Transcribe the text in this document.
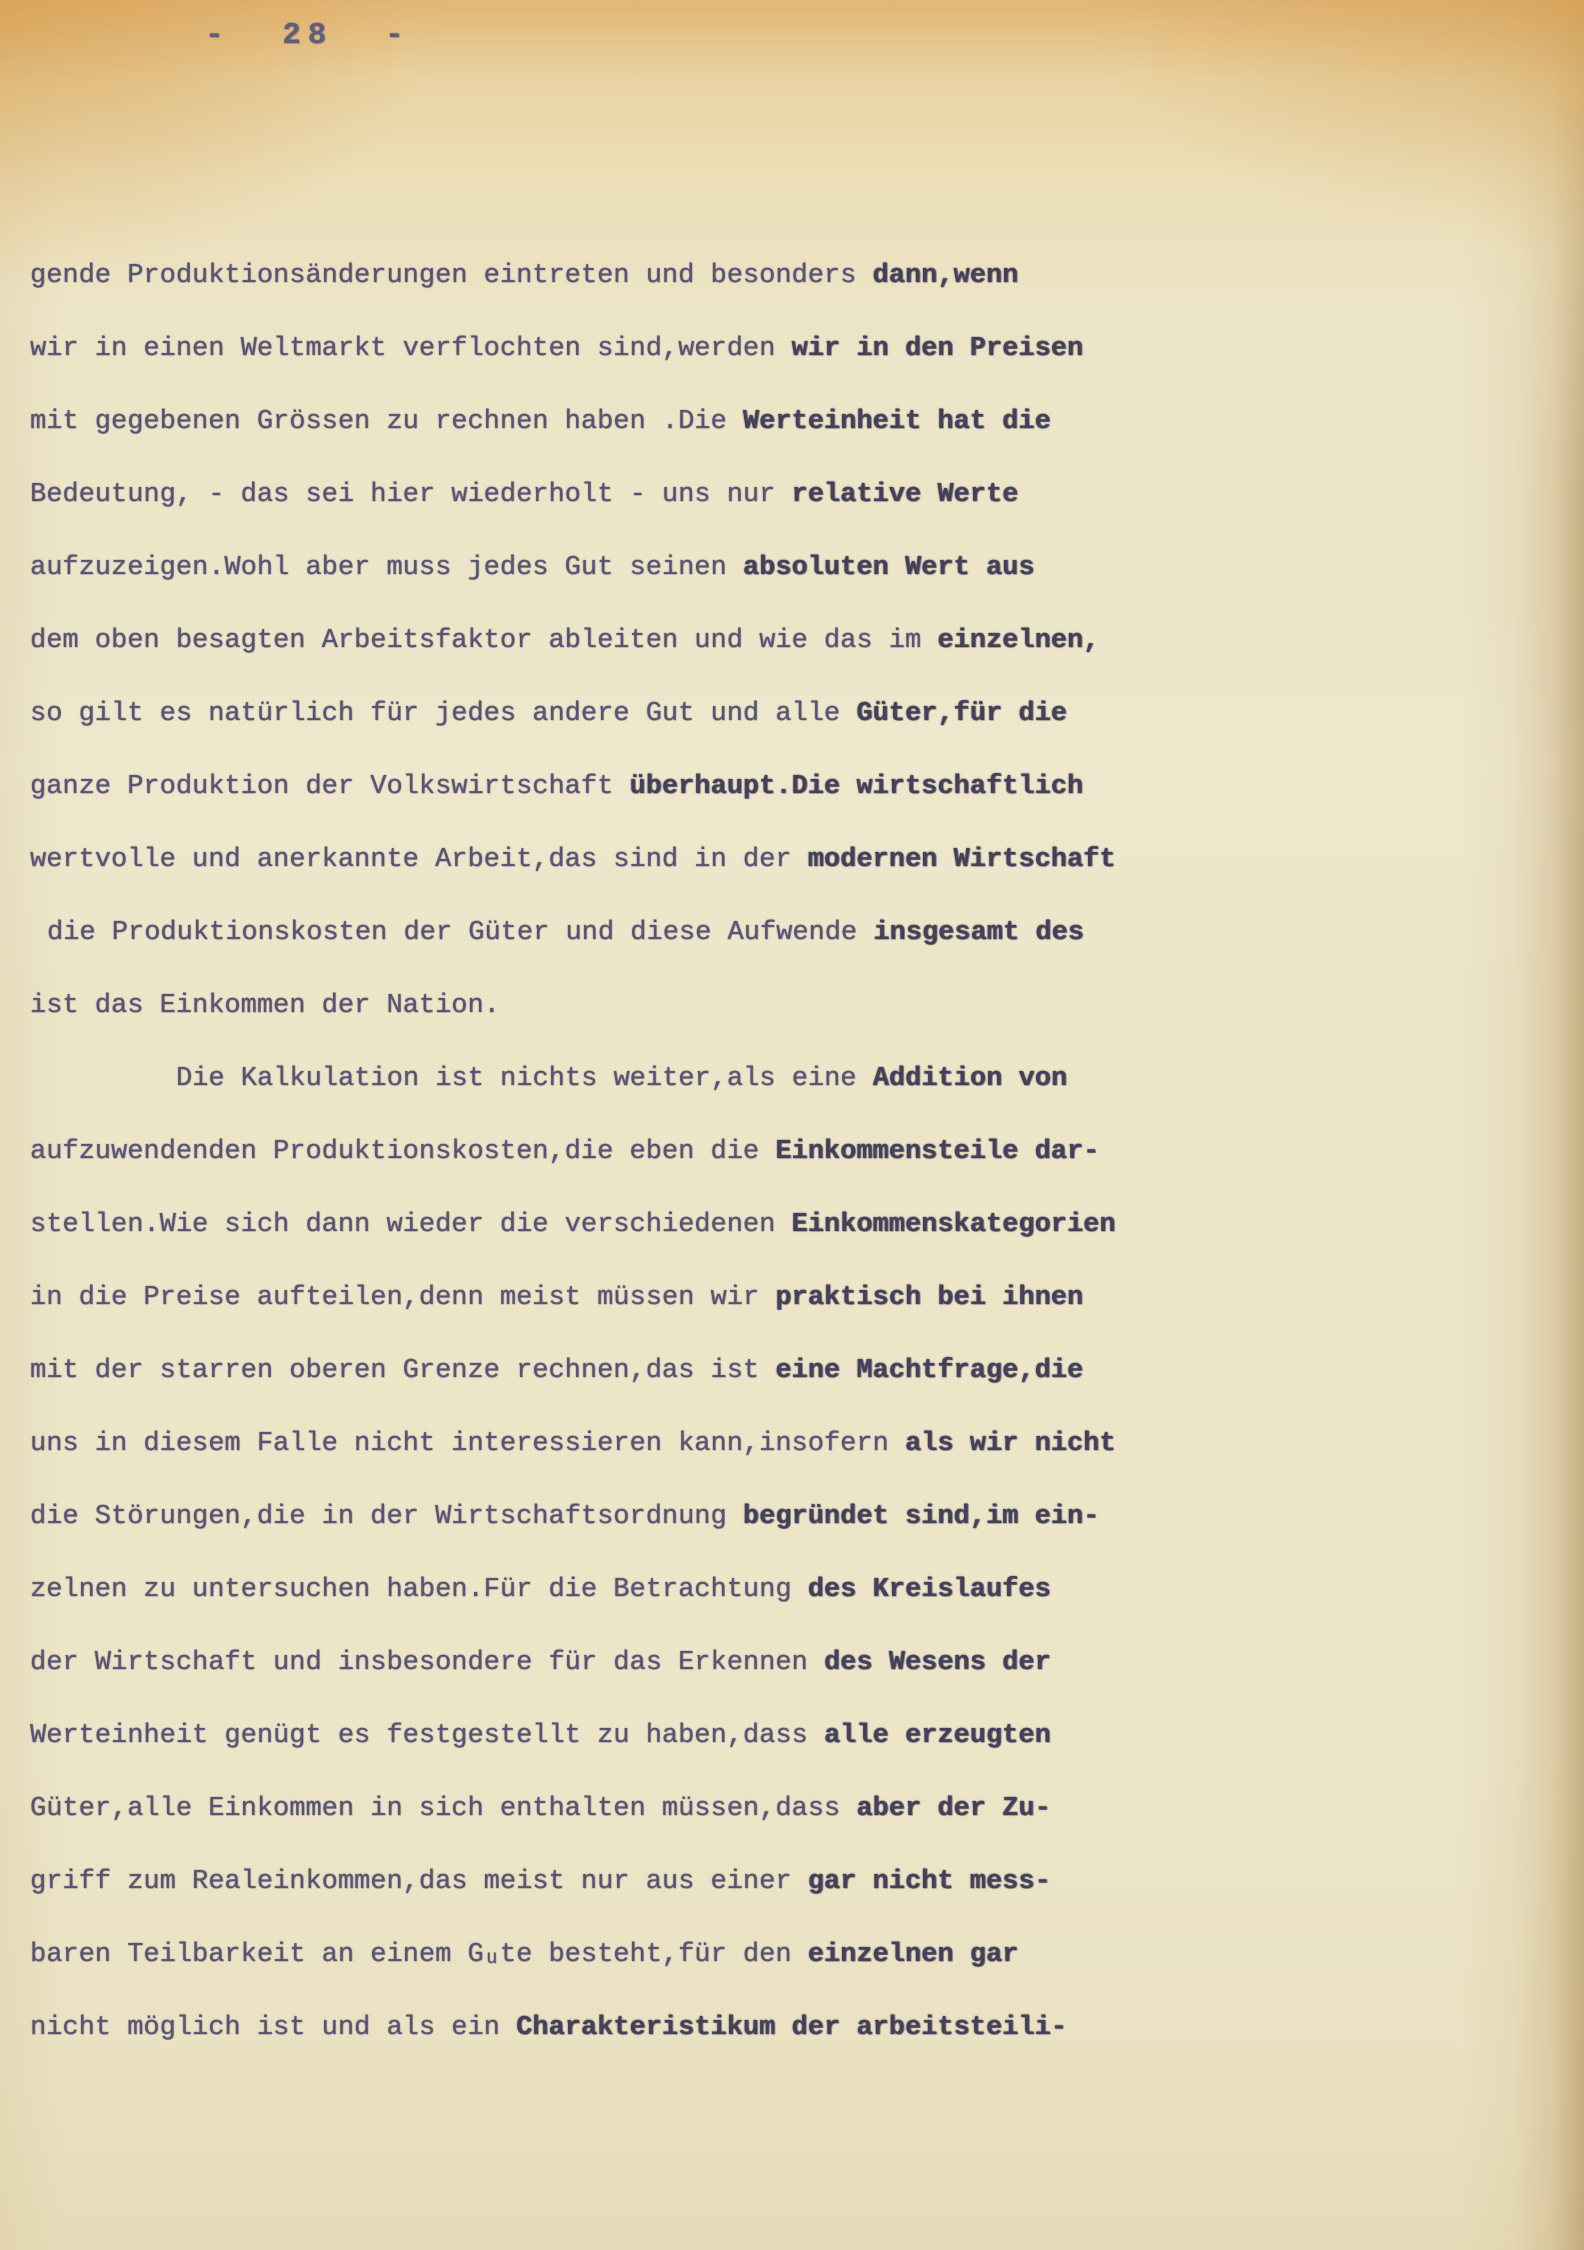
- 28 -
gende Produktionsänderungen eintreten und besonders dann,wenn
wir in einen Weltmarkt verflochten sind,werden wir in den Preisen
mit gegebenen Grössen zu rechnen haben .Die Werteinheit hat die
Bedeutung, - das sei hier wiederholt - uns nur relative Werte
aufzuzeigen.Wohl aber muss jedes Gut seinen absoluten Wert aus
dem oben besagten Arbeitsfaktor ableiten und wie das im einzelnen,
so gilt es natürlich für jedes andere Gut und alle Güter,für die
ganze Produktion der Volkswirtschaft überhaupt.Die wirtschaftlich
wertvolle und anerkannte Arbeit,das sind in der modernen Wirtschaft
die Produktionskosten der Güter und diese Aufwende insgesamt des
ist das Einkommen der Nation.
Die Kalkulation ist nichts weiter,als eine Addition von
aufzuwendenden Produktionskosten,die eben die Einkommensteile dar-
stellen.Wie sich dann wieder die verschiedenen Einkommenskategorien
in die Preise aufteilen,denn meist müssen wir praktisch bei ihnen
mit der starren oberen Grenze rechnen,das ist eine Machtfrage,die
uns in diesem Falle nicht interessieren kann,insofern als wir nicht
die Störungen,die in der Wirtschaftsordnung begründet sind,im ein-
zelnen zu untersuchen haben.Für die Betrachtung des Kreislaufes
der Wirtschaft und insbesondere für das Erkennen des Wesens der
Werteinheit genügt es festgestellt zu haben,dass alle erzeugten
Güter,alle Einkommen in sich enthalten müssen,dass aber der Zu-
griff zum Realeinkommen,das meist nur aus einer gar nicht mess-
baren Teilbarkeit an einem Gᵤte besteht,für den einzelnen gar
nicht möglich ist und als ein Charakteristikum der arbeitsteili-
